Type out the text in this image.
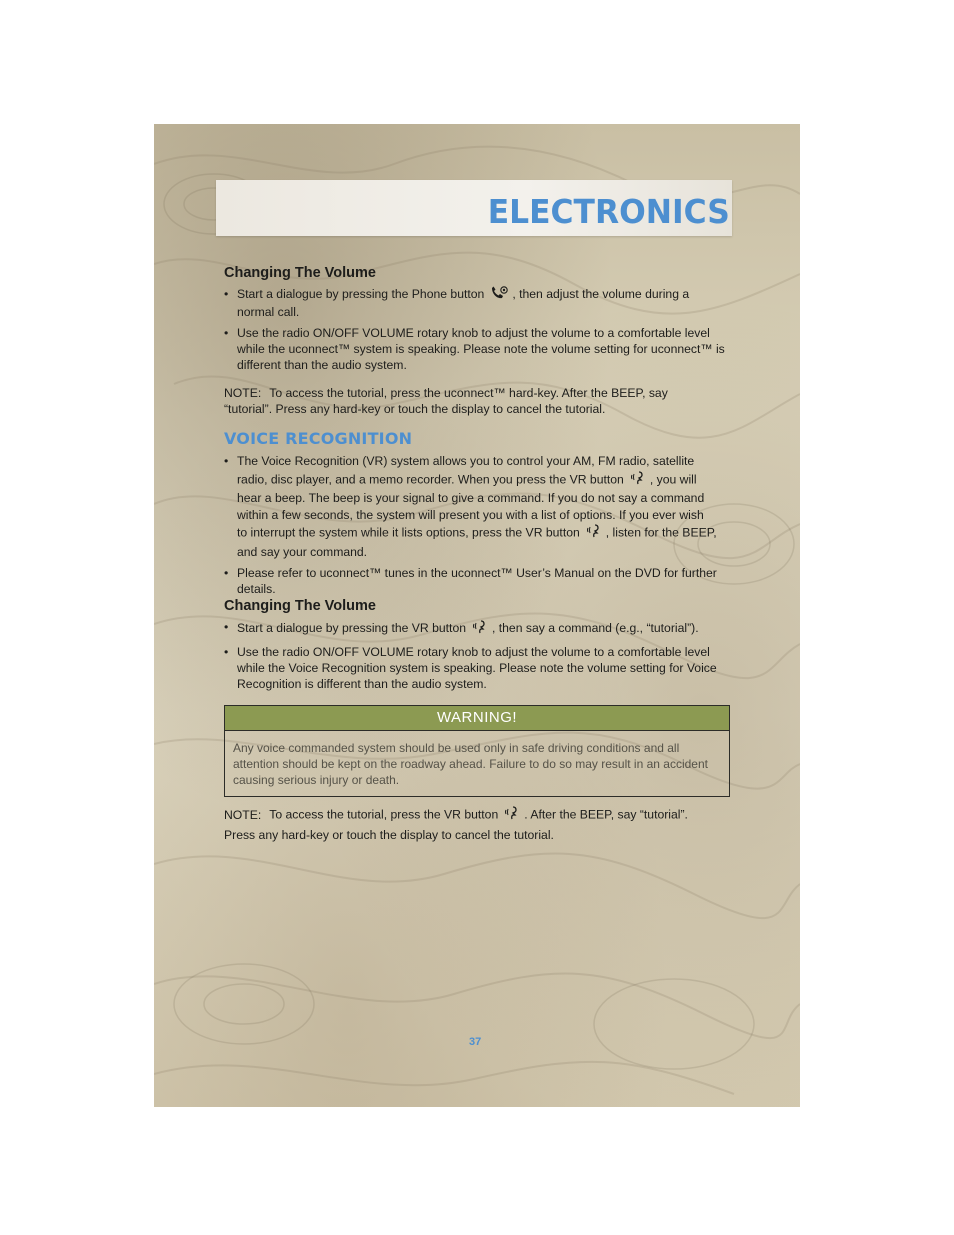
ELECTRONICS

Changing The Volume

• Start a dialogue by pressing the Phone button , then adjust the volume during a
normal call.
• Use the radio ON/OFF VOLUME rotary knob to adjust the volume to a comfortable level while the uconnect™ system is speaking. Please note the volume setting for uconnect™ is different than the audio system.
NOTE: To access the tutorial, press the uconnect™ hard-key. After the BEEP, say
“tutorial”. Press any hard-key or touch the display to cancel the tutorial.

VOICE RECOGNITION

• The Voice Recognition (VR) system allows you to control your AM, FM radio, satellite
radio, disc player, and a memo recorder. When you press the VR button , you will
hear a beep. The beep is your signal to give a command. If you do not say a command
within a few seconds, the system will present you with a list of options. If you ever wish
to interrupt the system while it lists options, press the VR button , listen for the BEEP,
and say your command.
• Please refer to uconnect™ tunes in the uconnect™ User’s Manual on the DVD for further details.

Changing The Volume

• Start a dialogue by pressing the VR button , then say a command (e.g., “tutorial”).
• Use the radio ON/OFF VOLUME rotary knob to adjust the volume to a comfortable level while the Voice Recognition system is speaking. Please note the volume setting for Voice Recognition is different than the audio system.
WARNING!
Any voice commanded system should be used only in safe driving conditions and all attention should be kept on the roadway ahead. Failure to do so may result in an accident causing serious injury or death.
NOTE: To access the tutorial, press the VR button . After the BEEP, say “tutorial”.
Press any hard-key or touch the display to cancel the tutorial.
37
